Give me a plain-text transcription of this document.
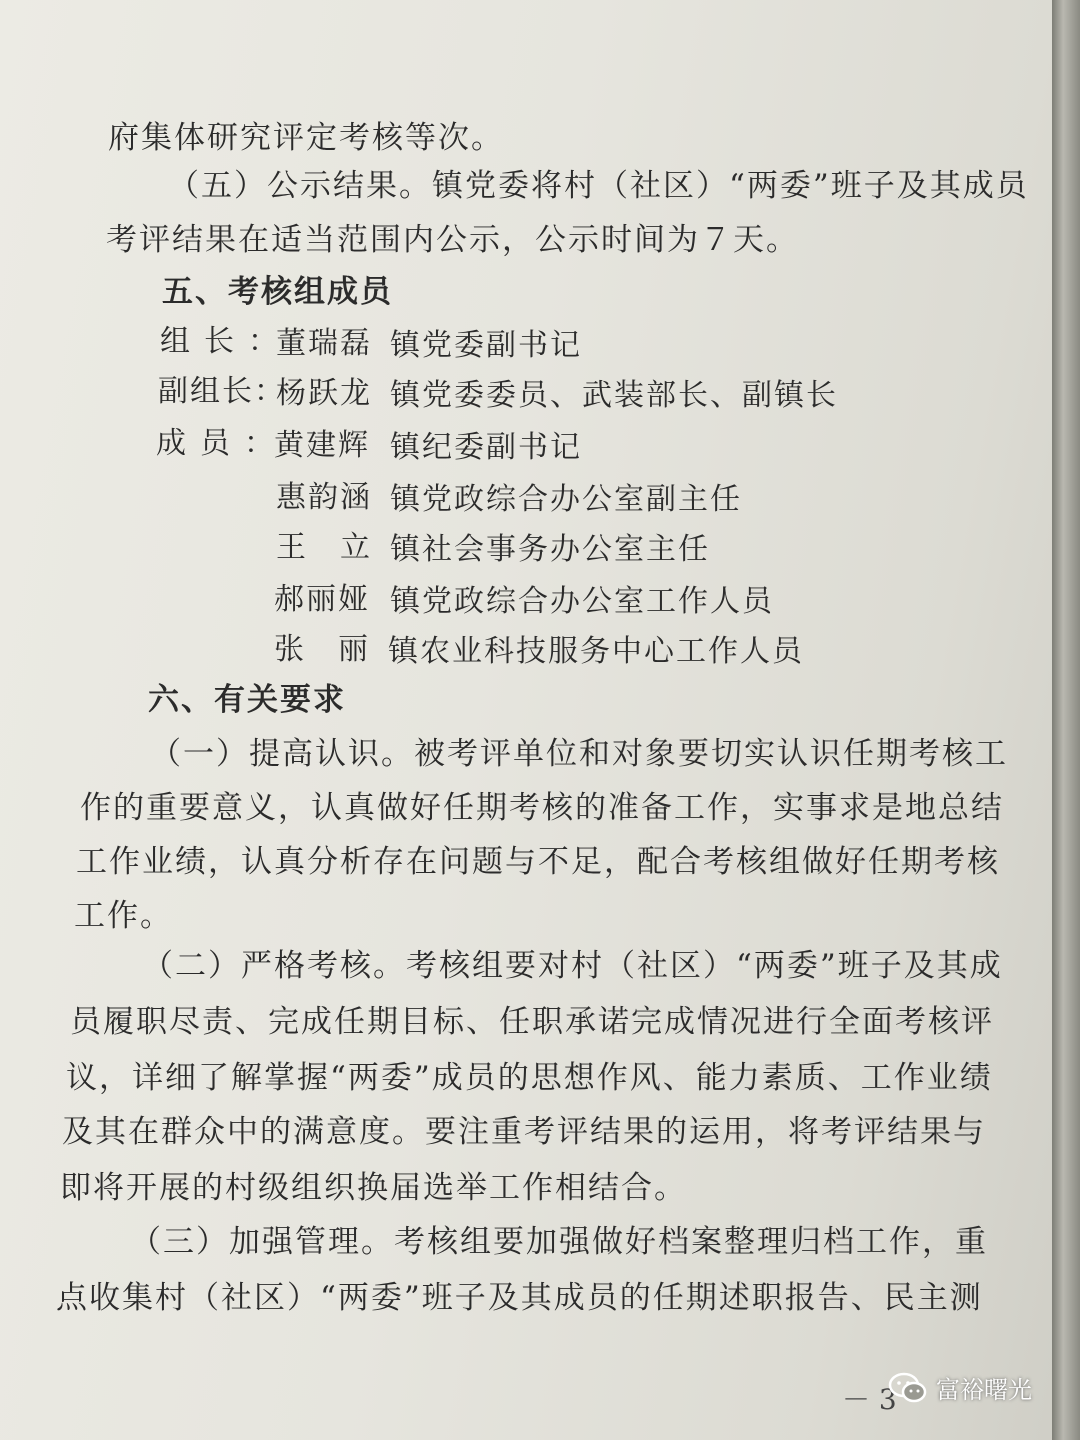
府集体研究评定考核等次。
（五）公示结果。镇党委将村（社区）“两委”班子及其成员
考评结果在适当范围内公示，公示时间为７天。
五、考核组成员
组长：
董瑞磊 镇党委副书记
副组长：
杨跃龙 镇党委委员、武装部长、副镇长
成员：
黄建辉 镇纪委副书记
惠韵涵 镇党政综合办公室副主任
王　立 镇社会事务办公室主任
郝丽娅 镇党政综合办公室工作人员
张　丽 镇农业科技服务中心工作人员
六、有关要求
（一）提高认识。被考评单位和对象要切实认识任期考核工
作的重要意义，认真做好任期考核的准备工作，实事求是地总结
工作业绩，认真分析存在问题与不足，配合考核组做好任期考核
工作。
（二）严格考核。考核组要对村（社区）“两委”班子及其成
员履职尽责、完成任期目标、任职承诺完成情况进行全面考核评
议，详细了解掌握“两委”成员的思想作风、能力素质、工作业绩
及其在群众中的满意度。要注重考评结果的运用，将考评结果与
即将开展的村级组织换届选举工作相结合。
（三）加强管理。考核组要加强做好档案整理归档工作，重
点收集村（社区）“两委”班子及其成员的任期述职报告、民主测
－ 3 富裕曙光
